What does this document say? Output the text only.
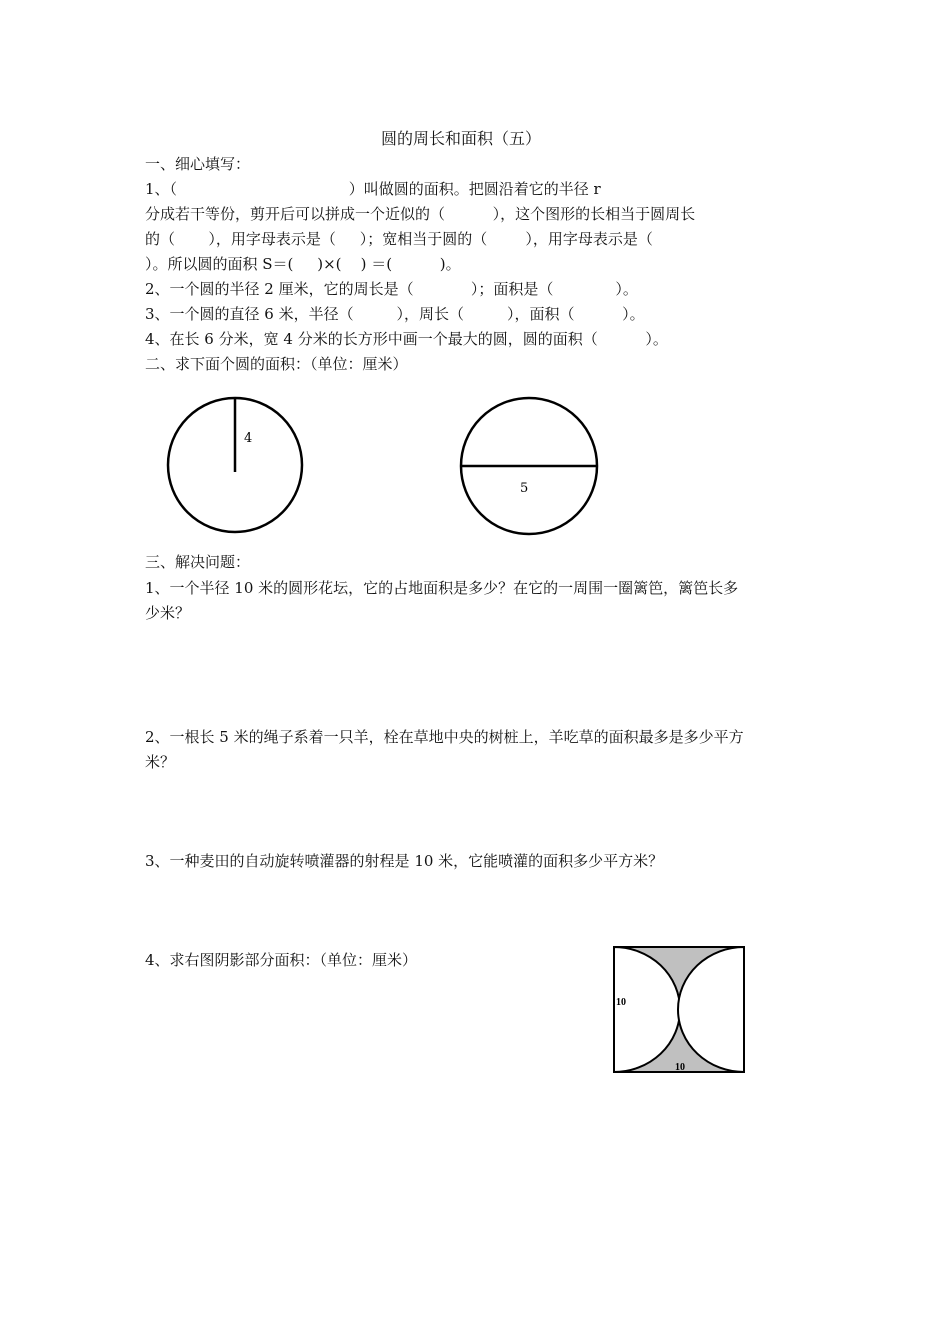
圆的周长和面积（五）
一、细心填写：
1、（                                    ）叫做圆的面积。把圆沿着它的半径 r
分成若干等份，剪开后可以拼成一个近似的（          ），这个图形的长相当于圆周长
的（       ），用字母表示是（     ）；宽相当于圆的（        ），用字母表示是（
）。所以圆的面积 S＝(     )×(    ) ＝(          )。
2、一个圆的半径 2 厘米，它的周长是（            ）；面积是（             ）。
3、一个圆的直径 6 米，半径（         ），周长（         ），面积（          ）。
4、在长 6 分米，宽 4 分米的长方形中画一个最大的圆，圆的面积（          ）。
二、求下面个圆的面积：（单位：厘米）
4
5
三、解决问题：
1、一个半径 10 米的圆形花坛，它的占地面积是多少？在它的一周围一圈篱笆，篱笆长多
少米？
2、一根长 5 米的绳子系着一只羊，栓在草地中央的树桩上，羊吃草的面积最多是多少平方
米？
3、一种麦田的自动旋转喷灌器的射程是 10 米，它能喷灌的面积多少平方米？
4、求右图阴影部分面积：（单位：厘米）
10
10
